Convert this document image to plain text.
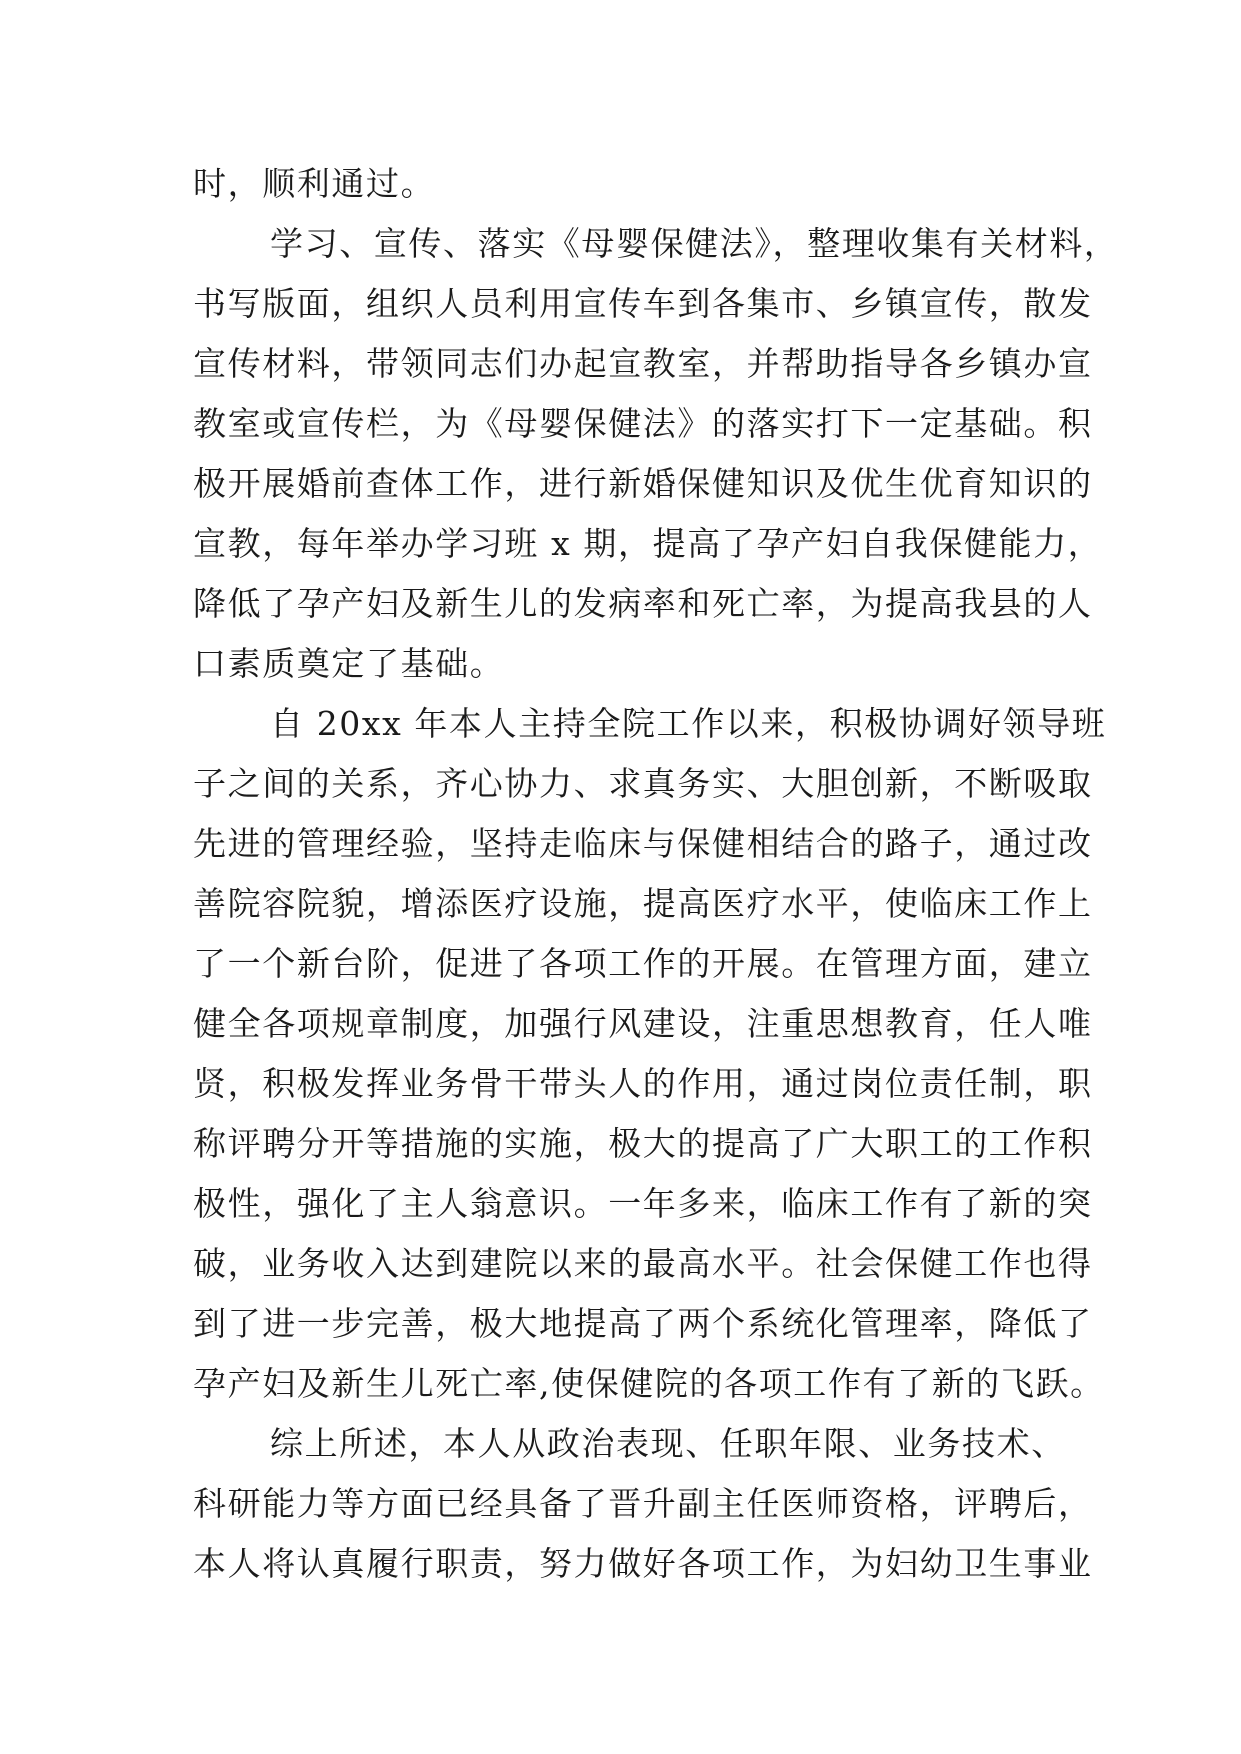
时，顺利通过。
学习、宣传、落实《母婴保健法》，整理收集有关材料，
书写版面，组织人员利用宣传车到各集市、乡镇宣传，散发
宣传材料，带领同志们办起宣教室，并帮助指导各乡镇办宣
教室或宣传栏，为《母婴保健法》的落实打下一定基础。积
极开展婚前查体工作，进行新婚保健知识及优生优育知识的
宣教，每年举办学习班 x 期，提高了孕产妇自我保健能力，
降低了孕产妇及新生儿的发病率和死亡率，为提高我县的人
口素质奠定了基础。
自 20xx 年本人主持全院工作以来，积极协调好领导班
子之间的关系，齐心协力、求真务实、大胆创新，不断吸取
先进的管理经验，坚持走临床与保健相结合的路子，通过改
善院容院貌，增添医疗设施，提高医疗水平，使临床工作上
了一个新台阶，促进了各项工作的开展。在管理方面，建立
健全各项规章制度，加强行风建设，注重思想教育，任人唯
贤，积极发挥业务骨干带头人的作用，通过岗位责任制，职
称评聘分开等措施的实施，极大的提高了广大职工的工作积
极性，强化了主人翁意识。一年多来，临床工作有了新的突
破，业务收入达到建院以来的最高水平。社会保健工作也得
到了进一步完善，极大地提高了两个系统化管理率，降低了
孕产妇及新生儿死亡率,使保健院的各项工作有了新的飞跃。
综上所述，本人从政治表现、任职年限、业务技术、
科研能力等方面已经具备了晋升副主任医师资格，评聘后，
本人将认真履行职责，努力做好各项工作，为妇幼卫生事业
